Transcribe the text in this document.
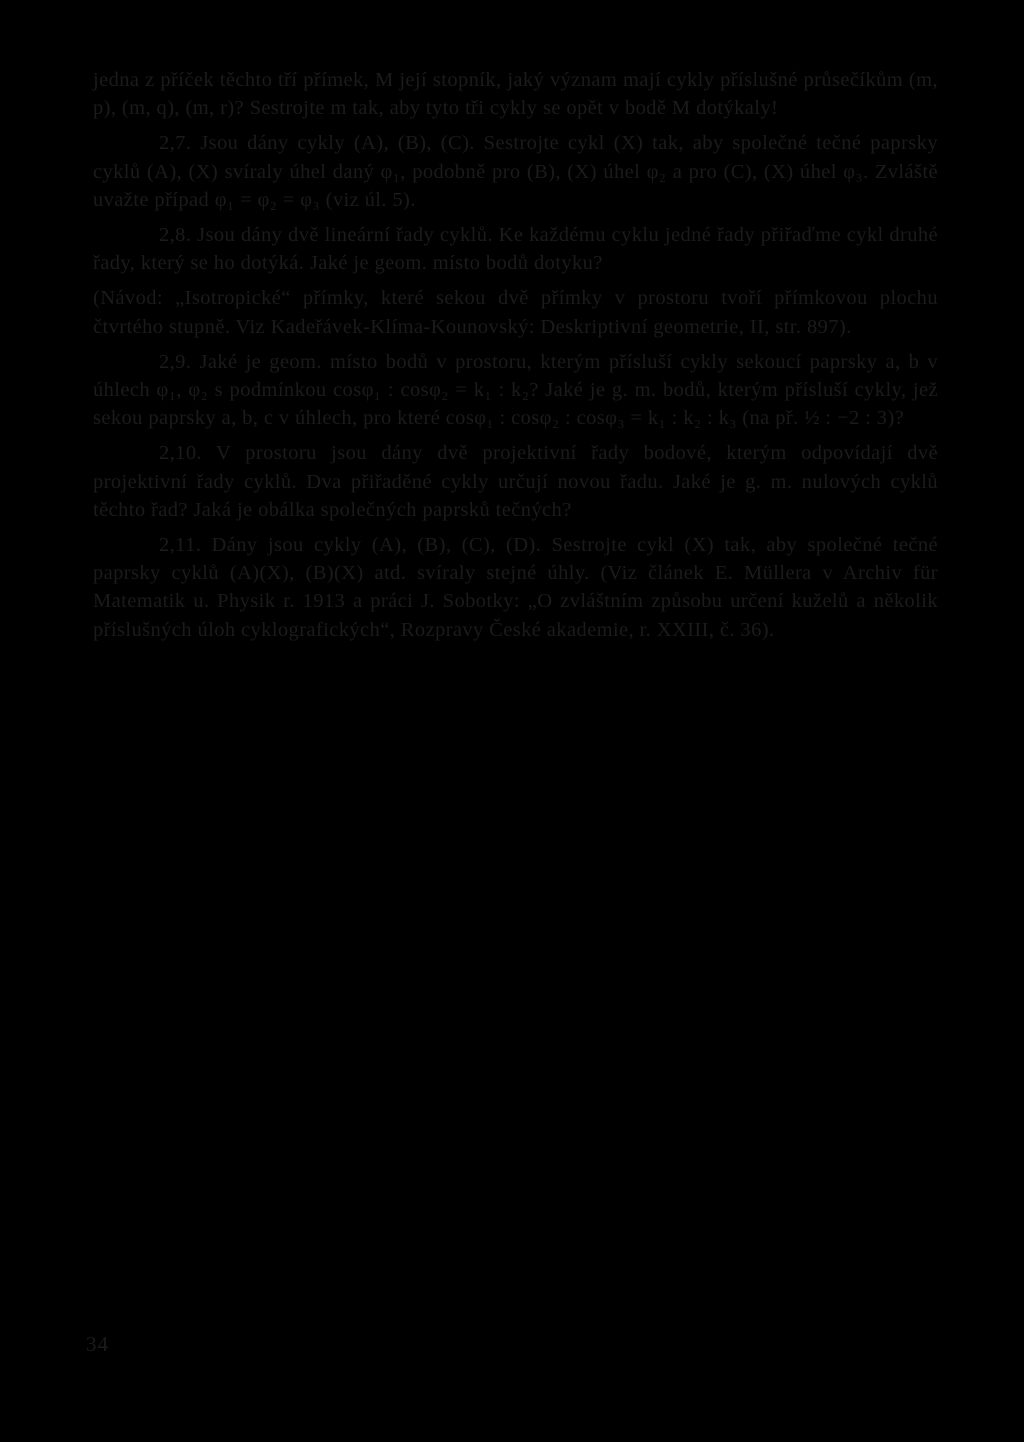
jedna z příček těchto tří přímek, M její stopník, jaký význam mají cykly příslušné průsečíkům (m, p), (m, q), (m, r)? Sestrojte m tak, aby tyto tři cykly se opět v bodě M dotýkaly!

2,7. Jsou dány cykly (A), (B), (C). Sestrojte cykl (X) tak, aby společné tečné paprsky cyklů (A), (X) svíraly úhel daný φ₁, podobně pro (B), (X) úhel φ₂ a pro (C), (X) úhel φ₃. Zvláště uvažte případ φ₁ = φ₂ = φ₃ (viz úl. 5).

2,8. Jsou dány dvě lineární řady cyklů. Ke každému cyklu jedné řady přiřaďme cykl druhé řady, který se ho dotýká. Jaké je geom. místo bodů dotyku?

(Návod: „Isotropické“ přímky, které sekou dvě přímky v prostoru tvoří přímkovou plochu čtvrtého stupně. Viz Kadeřávek-Klíma-Kounovský: Deskriptivní geometrie, II, str. 897).

2,9. Jaké je geom. místo bodů v prostoru, kterým přísluší cykly sekoucí paprsky a, b v úhlech φ₁, φ₂ s podmínkou cosφ₁ : cosφ₂ = k₁ : k₂? Jaké je g. m. bodů, kterým přísluší cykly, jež sekou paprsky a, b, c v úhlech, pro které cosφ₁ : cosφ₂ : cosφ₃ = k₁ : k₂ : k₃ (na př. ½ : −2 : 3)?

2,10. V prostoru jsou dány dvě projektivní řady bodové, kterým odpovídají dvě projektivní řady cyklů. Dva přiřaděné cykly určují novou řadu. Jaké je g. m. nulových cyklů těchto řad? Jaká je obálka společných paprsků tečných?

2,11. Dány jsou cykly (A), (B), (C), (D). Sestrojte cykl (X) tak, aby společné tečné paprsky cyklů (A)(X), (B)(X) atd. svíraly stejné úhly. (Viz článek E. Müllera v Archiv für Matematik u. Physik r. 1913 a práci J. Sobotky: „O zvláštním způsobu určení kuželů a několik příslušných úloh cyklografických“, Rozpravy České akademie, r. XXIII, č. 36).

34
